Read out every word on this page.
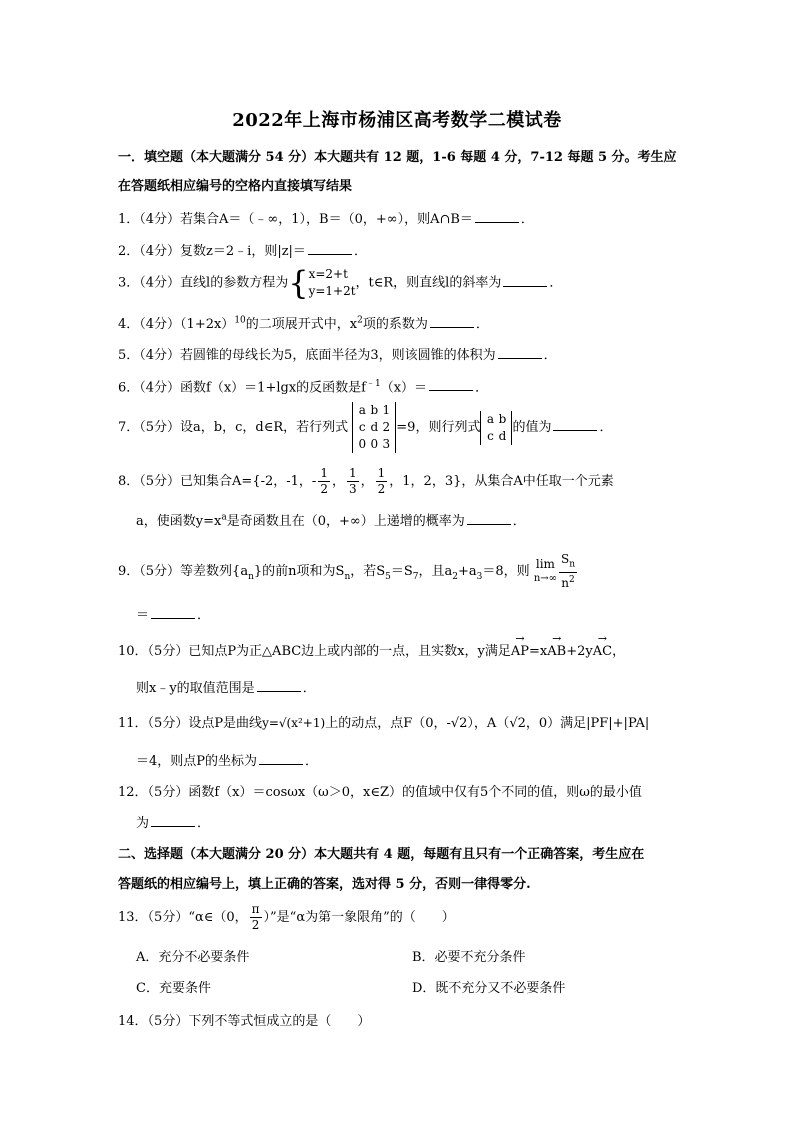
2022年上海市杨浦区高考数学二模试卷
一．填空题（本大题满分 54 分）本大题共有 12 题，1-6 每题 4 分，7-12 每题 5 分。考生应
在答题纸相应编号的空格内直接填写结果
1．（4分）若集合A＝（﹣∞，1），B＝（0，+∞），则A∩B＝	．
2．（4分）复数z＝2﹣i，则|z|＝	．
3．（4分）直线l的参数方程为{x=2+t
y=1+2t，t∈R，则直线l的斜率为	．
4．（4分）$(1+2x)^{10}$的二项展开式中，$x^2$项的系数为	．
5．（4分）若圆锥的母线长为5，底面半径为3，则该圆锥的体积为	．
6．（4分）函数f（x）＝1+lgx的反函数是$f^{﹣1}(x)=$	．
7．（5分）设a，b，c，d∈R，若行列式 a b 1
c d 2
0 0 3=9，则行列式a b
c d的值为	．
8．（5分）已知集合A={-2，-1，- $\frac{1}{2}$ ， $\frac{1}{3}$ ， $\frac{1}{2}$ ，1，2，3}，从集合A中任取一个元素
a，使函数$y=x^a$是奇函数且在（0，+∞）上递增的概率为	．
9．（5分）等差数列$\{a_n\}$的前n项和为$S_n$，若$S_5=S_7$，且$a_2+a_3=8$，则 lim
$n\to\infty \frac{S_n}{n^2}$
＝	．
10．（5分）已知点P为正△ABC边上或内部的一点，且实数x，y满足→ AP=x→ AB+2y→ AC，
则x﹣y的取值范围是	．
11．（5分）设点P是曲线y=√(x²+1)上的动点，点F（0，-√2），A（√2，0）满足|PF|+|PA|
＝4，则点P的坐标为	．
12．（5分）函数f（x）＝cosωx（ω＞0，x∈Z）的值域中仅有5个不同的值，则ω的最小值
为	．
二、选择题（本大题满分 20 分）本大题共有 4 题，每题有且只有一个正确答案，考生应在
答题纸的相应编号上，填上正确的答案，选对得 5 分，否则一律得零分.
13．（5分）“α∈（0， $\frac{\pi}{2}$ ）”是“α为第一象限角”的（　　）
A．充分不必要条件	B．必要不充分条件
C．充要条件	D．既不充分又不必要条件
14．（5分）下列不等式恒成立的是（　　）
